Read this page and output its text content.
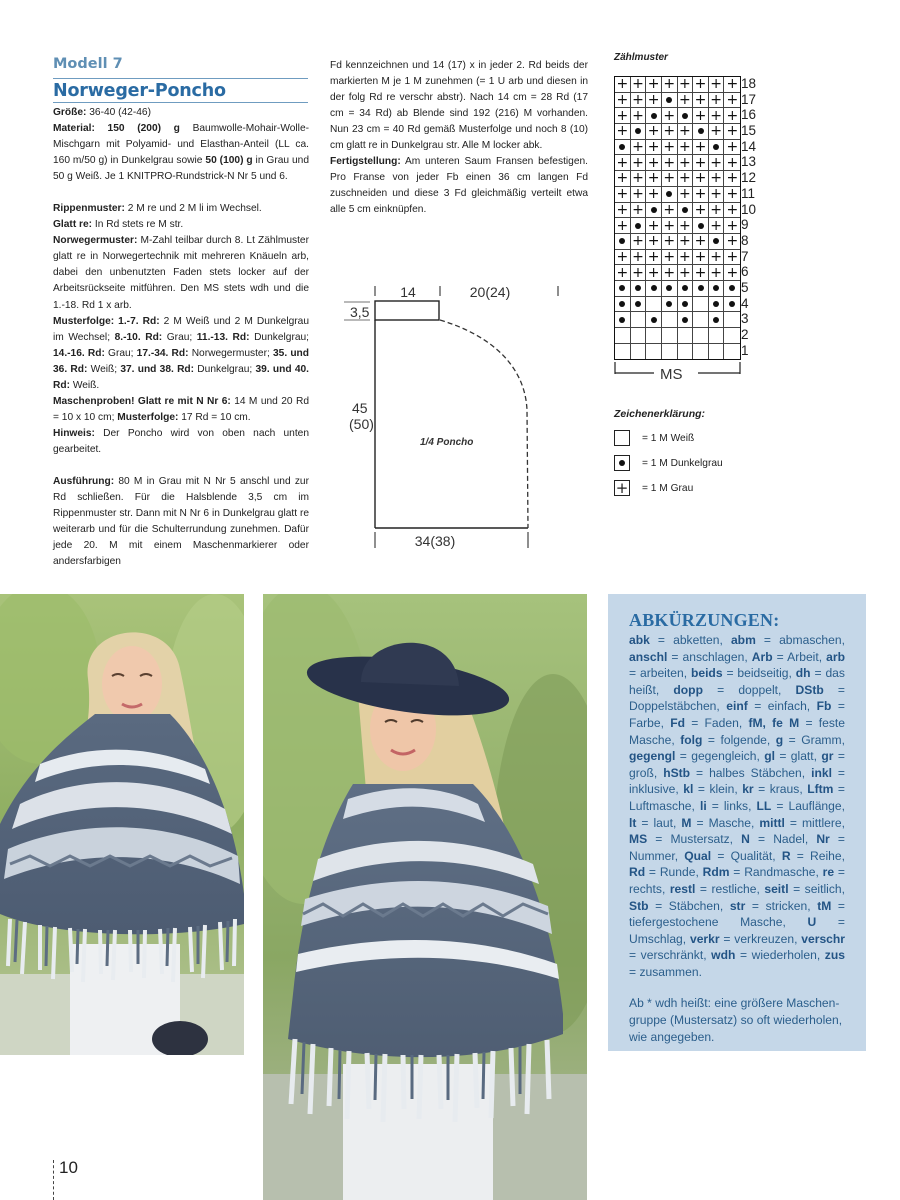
Modell 7
Norweger-Poncho

Größe: 36-40 (42-46)

Material: 150 (200) g Baumwolle-Mohair-Wolle-Mischgarn mit Polyamid- und Elasthan-Anteil (LL ca. 160 m/50 g) in Dunkelgrau sowie 50 (100) g in Grau und 50 g Weiß. Je 1 KNITPRO-Rundstrick-N Nr 5 und 6.

Rippenmuster: 2 M re und 2 M li im Wechsel.

Glatt re: In Rd stets re M str.

Norwegermuster: M-Zahl teilbar durch 8. Lt Zählmuster glatt re in Norwegertechnik mit mehreren Knäueln arb, dabei den unbenutzten Faden stets locker auf der Arbeitsrückseite mitführen. Den MS stets wdh und die 1.-18. Rd 1 x arb.

Musterfolge: 1.-7. Rd: 2 M Weiß und 2 M Dunkelgrau im Wechsel; 8.-10. Rd: Grau; 11.-13. Rd: Dunkelgrau; 14.-16. Rd: Grau; 17.-34. Rd: Norwegermuster; 35. und 36. Rd: Weiß; 37. und 38. Rd: Dunkelgrau; 39. und 40. Rd: Weiß.

Maschenproben! Glatt re mit N Nr 6: 14 M und 20 Rd = 10 x 10 cm; Musterfolge: 17 Rd = 10 cm.

Hinweis: Der Poncho wird von oben nach unten gearbeitet.

Ausführung: 80 M in Grau mit N Nr 5 anschl und zur Rd schließen. Für die Halsblende 3,5 cm im Rippenmuster str. Dann mit N Nr 6 in Dunkelgrau glatt re weiterarb und für die Schulterrundung zunehmen. Dafür jede 20. M mit einem Maschenmarkierer oder andersfarbigen

Fd kennzeichnen und 14 (17) x in jeder 2. Rd beids der markierten M je 1 M zunehmen (= 1 U arb und diesen in der folg Rd re verschr abstr). Nach 14 cm = 28 Rd (17 cm = 34 Rd) ab Blende sind 192 (216) M vorhanden. Nun 23 cm = 40 Rd gemäß Musterfolge und noch 8 (10) cm glatt re in Dunkelgrau str. Alle M locker abk.

Fertigstellung: Am unteren Saum Fransen befestigen. Pro Franse von jeder Fb einen 36 cm langen Fd zuschneiden und diese 3 Fd gleichmäßig verteilt etwa alle 5 cm einknüpfen.

14	20(24)
3,5
45
(50)
1/4 Poncho
34(38)
Zählmuster
+
+
+
+
+
+
+
+
+
+
+
+
+
+
+
+
+
+
+
+
+
+
+
+
+
+
+
+
+
+
+
+
+
+
+
+
+
+
+
+
+
+
+
+
+
+
+
+
+
+
+
+
+
+
+
+
+
+
+
+
+
+
+
+
+
+
+
+
+
+
+
+
+
+
+
+
+
+
+
+
+
+
+
+
+
+
+
+
+
+
18
17
16
15
14
13
12
11
10
9
8
7
6
5
4
3
2
1
MS
Zeichenerklärung:
= 1 M Weiß
= 1 M Dunkelgrau
+ = 1 M Grau
ABKÜRZUNGEN:
abk = abketten, abm = abmaschen, anschl = anschlagen, Arb = Arbeit, arb = arbeiten, beids = beidseitig, dh = das heißt, dopp = doppelt, DStb = Doppelstäbchen, einf = einfach, Fb = Farbe, Fd = Faden, fM, fe M = feste Masche, folg = folgende, g = Gramm, gegengl = gegengleich, gl = glatt, gr = groß, hStb = halbes Stäbchen, inkl = inklusive, kl = klein, kr = kraus, Lftm = Luftmasche, li = links, LL = Lauflänge, lt = laut, M = Masche, mittl = mittlere, MS = Mustersatz, N = Nadel, Nr = Nummer, Qual = Qualität, R = Reihe, Rd = Runde, Rdm = Randmasche, re = rechts, restl = restliche, seitl = seitlich, Stb = Stäbchen, str = stricken, tM = tiefergestochene Masche, U = Umschlag, verkr = verkreuzen, verschr = verschränkt, wdh = wiederholen, zus = zusammen.
Ab * wdh heißt: eine größere Maschen-gruppe (Mustersatz) so oft wiederholen, wie angegeben.
10
